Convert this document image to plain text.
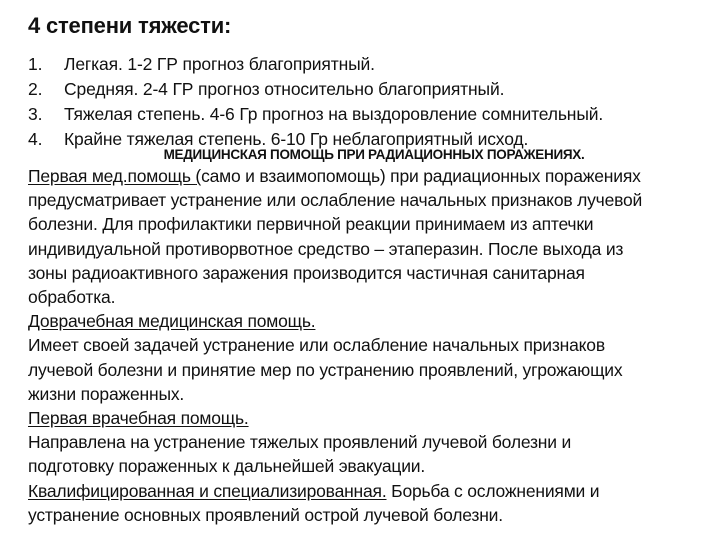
4 степени тяжести:
1.	Легкая. 1-2 ГР прогноз благоприятный.
2.	Средняя. 2-4 ГР прогноз относительно благоприятный.
3.	Тяжелая степень. 4-6 Гр прогноз на выздоровление сомнительный.
4.	Крайне тяжелая степень. 6-10 Гр неблагоприятный исход.
МЕДИЦИНСКАЯ ПОМОЩЬ ПРИ РАДИАЦИОННЫХ ПОРАЖЕНИЯХ.
Первая мед.помощь (само и взаимопомощь) при радиационных поражениях
предусматривает устранение или ослабление начальных признаков лучевой
болезни. Для профилактики первичной реакции принимаем из аптечки
индивидуальной противорвотное средство – этаперазин. После выхода из
зоны радиоактивного заражения производится частичная санитарная
обработка.
Доврачебная медицинская помощь.
Имеет своей задачей устранение или ослабление начальных признаков
лучевой болезни и принятие мер по устранению проявлений, угрожающих
жизни пораженных.
Первая врачебная помощь.
Направлена на устранение тяжелых проявлений лучевой болезни и
подготовку пораженных к дальнейшей эвакуации.
Квалифицированная и специализированная. Борьба с осложнениями и
устранение основных проявлений острой лучевой болезни.
